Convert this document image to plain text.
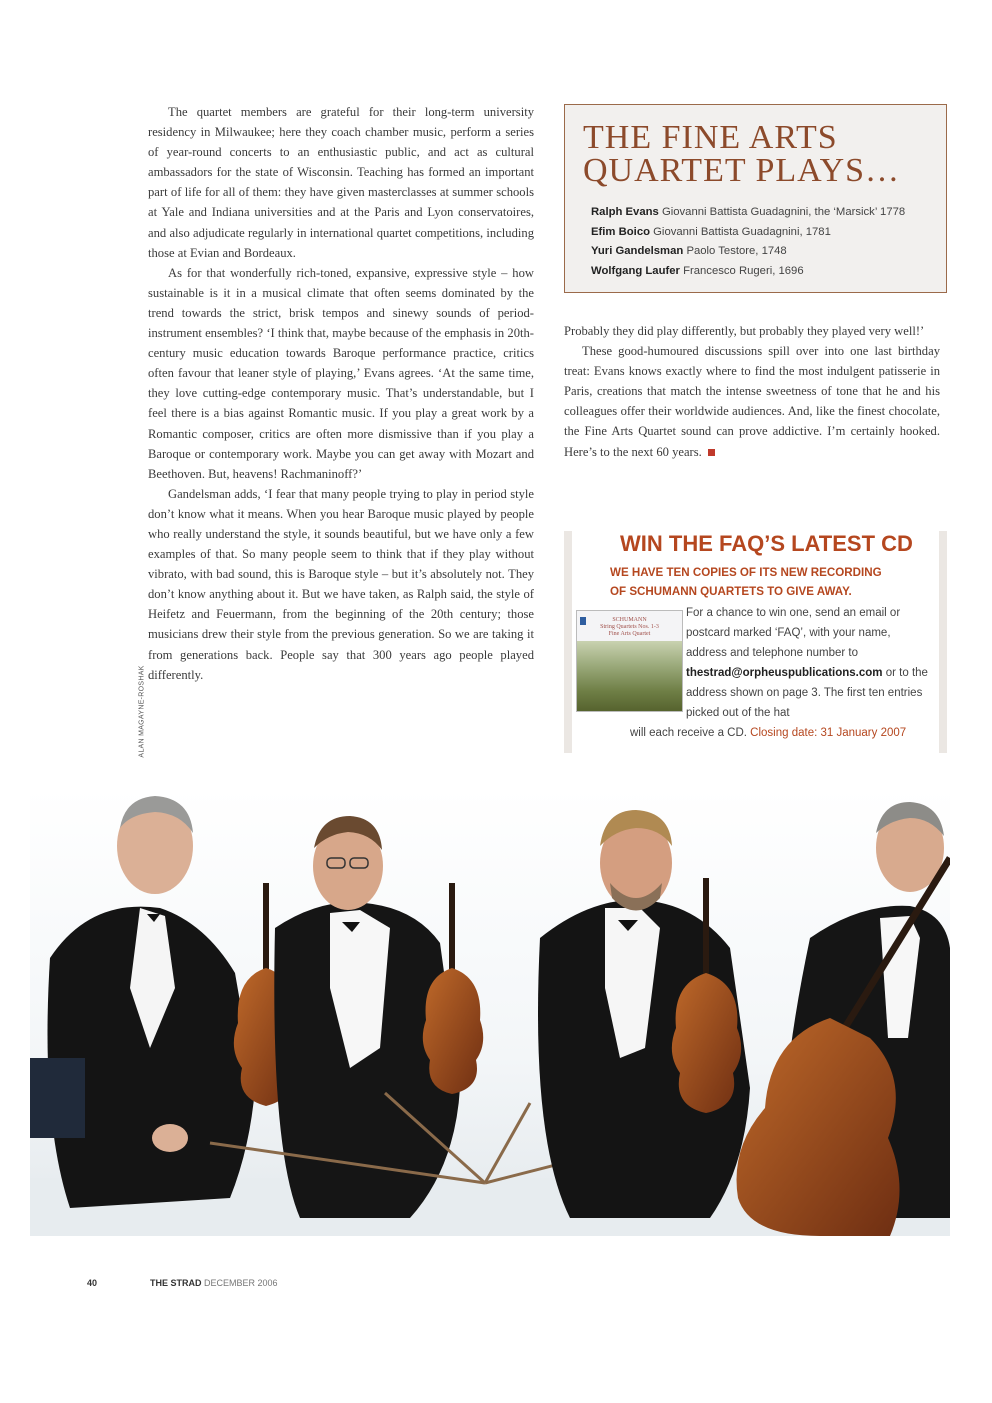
The quartet members are grateful for their long-term university residency in Milwaukee; here they coach chamber music, perform a series of year-round concerts to an enthusiastic public, and act as cultural ambassadors for the state of Wisconsin. Teaching has formed an important part of life for all of them: they have given masterclasses at summer schools at Yale and Indiana universities and at the Paris and Lyon conservatoires, and also adjudicate regularly in international quartet competitions, including those at Evian and Bordeaux.

As for that wonderfully rich-toned, expansive, expressive style – how sustainable is it in a musical climate that often seems dominated by the trend towards the strict, brisk tempos and sinewy sounds of period-instrument ensembles? ‘I think that, maybe because of the emphasis in 20th-century music education towards Baroque performance practice, critics often favour that leaner style of playing,’ Evans agrees. ‘At the same time, they love cutting-edge contemporary music. That’s understandable, but I feel there is a bias against Romantic music. If you play a great work by a Romantic composer, critics are often more dismissive than if you play a Baroque or contemporary work. Maybe you can get away with Mozart and Beethoven. But, heavens! Rachmaninoff?’

Gandelsman adds, ‘I fear that many people trying to play in period style don’t know what it means. When you hear Baroque music played by people who really understand the style, it sounds beautiful, but we have only a few examples of that. So many people seem to think that if they play without vibrato, with bad sound, this is Baroque style – but it’s absolutely not. They don’t know anything about it. But we have taken, as Ralph said, the style of Heifetz and Feuermann, from the beginning of the 20th century; those musicians drew their style from the previous generation. So we are taking it from generations back. People say that 300 years ago people played differently.

THE FINE ARTS
QUARTET PLAYS…
Ralph Evans Giovanni Battista Guadagnini, the ‘Marsick’ 1778
Efim Boico Giovanni Battista Guadagnini, 1781
Yuri Gandelsman Paolo Testore, 1748
Wolfgang Laufer Francesco Rugeri, 1696

Probably they did play differently, but probably they played very well!’

These good-humoured discussions spill over into one last birthday treat: Evans knows exactly where to find the most indulgent patisserie in Paris, creations that match the intense sweetness of tone that he and his colleagues offer their worldwide audiences. And, like the finest chocolate, the Fine Arts Quartet sound can prove addictive. I’m certainly hooked. Here’s to the next 60 years.

WIN THE FAQ’S LATEST CD
WE HAVE TEN COPIES OF ITS NEW RECORDING
OF SCHUMANN QUARTETS TO GIVE AWAY.
SCHUMANN
String Quartets Nos. 1-3
Fine Arts Quartet
For a chance to win one, send an email or postcard marked ‘FAQ’, with your name, address and telephone number to thestrad@orpheuspublications.com or to the address shown on page 3. The first ten entries picked out of the hat
will each receive a CD. Closing date: 31 January 2007
ALAN MAGAYNE-ROSHAK
40	THE STRAD DECEMBER 2006
